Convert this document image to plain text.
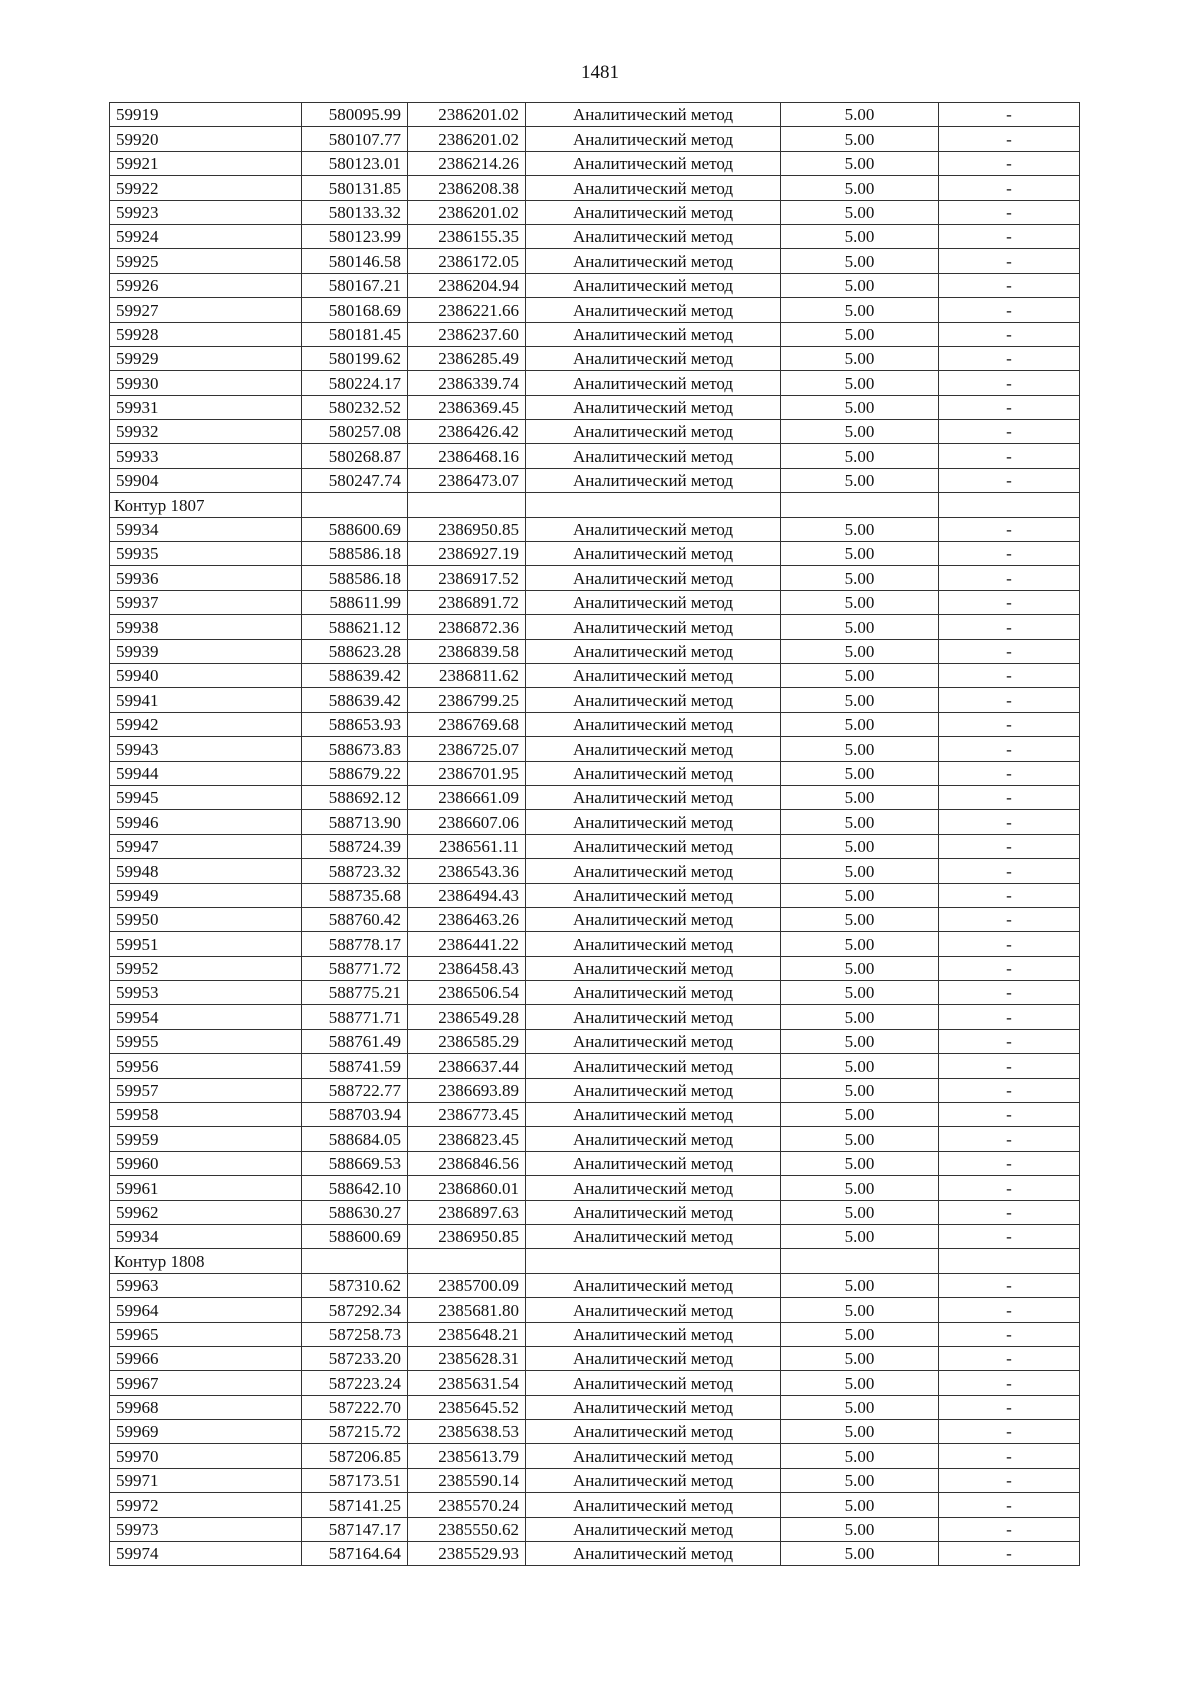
1481
59919	580095.99	2386201.02	Аналитический метод	5.00	-
59920	580107.77	2386201.02	Аналитический метод	5.00	-
59921	580123.01	2386214.26	Аналитический метод	5.00	-
59922	580131.85	2386208.38	Аналитический метод	5.00	-
59923	580133.32	2386201.02	Аналитический метод	5.00	-
59924	580123.99	2386155.35	Аналитический метод	5.00	-
59925	580146.58	2386172.05	Аналитический метод	5.00	-
59926	580167.21	2386204.94	Аналитический метод	5.00	-
59927	580168.69	2386221.66	Аналитический метод	5.00	-
59928	580181.45	2386237.60	Аналитический метод	5.00	-
59929	580199.62	2386285.49	Аналитический метод	5.00	-
59930	580224.17	2386339.74	Аналитический метод	5.00	-
59931	580232.52	2386369.45	Аналитический метод	5.00	-
59932	580257.08	2386426.42	Аналитический метод	5.00	-
59933	580268.87	2386468.16	Аналитический метод	5.00	-
59904	580247.74	2386473.07	Аналитический метод	5.00	-
Контур 1807					
59934	588600.69	2386950.85	Аналитический метод	5.00	-
59935	588586.18	2386927.19	Аналитический метод	5.00	-
59936	588586.18	2386917.52	Аналитический метод	5.00	-
59937	588611.99	2386891.72	Аналитический метод	5.00	-
59938	588621.12	2386872.36	Аналитический метод	5.00	-
59939	588623.28	2386839.58	Аналитический метод	5.00	-
59940	588639.42	2386811.62	Аналитический метод	5.00	-
59941	588639.42	2386799.25	Аналитический метод	5.00	-
59942	588653.93	2386769.68	Аналитический метод	5.00	-
59943	588673.83	2386725.07	Аналитический метод	5.00	-
59944	588679.22	2386701.95	Аналитический метод	5.00	-
59945	588692.12	2386661.09	Аналитический метод	5.00	-
59946	588713.90	2386607.06	Аналитический метод	5.00	-
59947	588724.39	2386561.11	Аналитический метод	5.00	-
59948	588723.32	2386543.36	Аналитический метод	5.00	-
59949	588735.68	2386494.43	Аналитический метод	5.00	-
59950	588760.42	2386463.26	Аналитический метод	5.00	-
59951	588778.17	2386441.22	Аналитический метод	5.00	-
59952	588771.72	2386458.43	Аналитический метод	5.00	-
59953	588775.21	2386506.54	Аналитический метод	5.00	-
59954	588771.71	2386549.28	Аналитический метод	5.00	-
59955	588761.49	2386585.29	Аналитический метод	5.00	-
59956	588741.59	2386637.44	Аналитический метод	5.00	-
59957	588722.77	2386693.89	Аналитический метод	5.00	-
59958	588703.94	2386773.45	Аналитический метод	5.00	-
59959	588684.05	2386823.45	Аналитический метод	5.00	-
59960	588669.53	2386846.56	Аналитический метод	5.00	-
59961	588642.10	2386860.01	Аналитический метод	5.00	-
59962	588630.27	2386897.63	Аналитический метод	5.00	-
59934	588600.69	2386950.85	Аналитический метод	5.00	-
Контур 1808					
59963	587310.62	2385700.09	Аналитический метод	5.00	-
59964	587292.34	2385681.80	Аналитический метод	5.00	-
59965	587258.73	2385648.21	Аналитический метод	5.00	-
59966	587233.20	2385628.31	Аналитический метод	5.00	-
59967	587223.24	2385631.54	Аналитический метод	5.00	-
59968	587222.70	2385645.52	Аналитический метод	5.00	-
59969	587215.72	2385638.53	Аналитический метод	5.00	-
59970	587206.85	2385613.79	Аналитический метод	5.00	-
59971	587173.51	2385590.14	Аналитический метод	5.00	-
59972	587141.25	2385570.24	Аналитический метод	5.00	-
59973	587147.17	2385550.62	Аналитический метод	5.00	-
59974	587164.64	2385529.93	Аналитический метод	5.00	-
